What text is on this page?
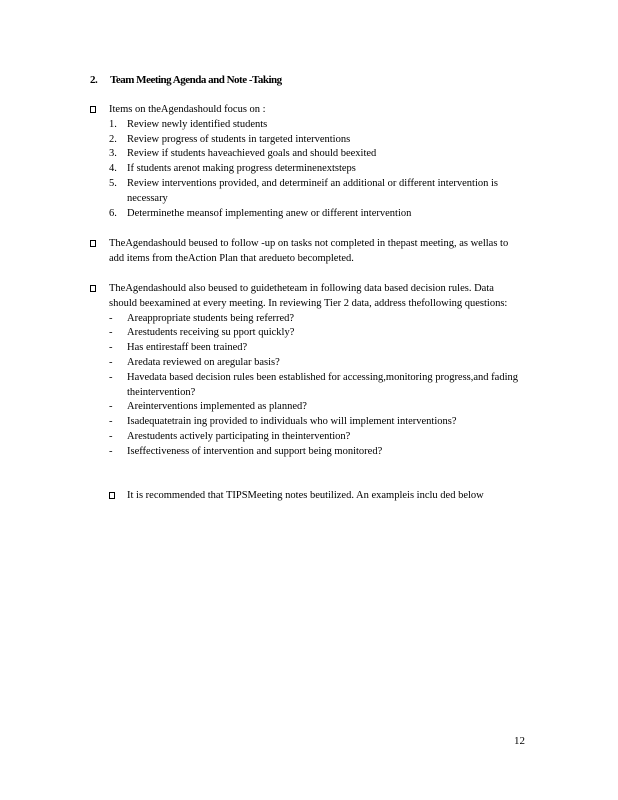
2. Team Meeting Agenda and Note -Taking
Items on theAgendashould focus on :
1. Review newly identified students
2. Review progress of students in targeted interventions
3. Review if students haveachieved goals and should beexited
4. If students arenot making progress determinenextsteps
5. Review interventions provided, and determineif an additional or different intervention is necessary
6. Determinethe meansof implementing anew or different intervention
TheAgendashould beused to follow -up on tasks not completed in thepast meeting, as wellas to add items from theAction Plan that aredueto becompleted.
TheAgendashould also beused to guidetheteam in following data based decision rules. Data should beexamined at every meeting. In reviewing Tier 2 data, address thefollowing questions:
- Areappropriate students being referred?
- Arestudents receiving su pport quickly?
- Has entirestaff been trained?
- Aredata reviewed on aregular basis?
- Havedata based decision rules been established for accessing,monitoring progress,and fading theintervention?
- Areinterventions implemented as planned?
- Isadequatetrain ing provided to individuals who will implement interventions?
- Arestudents actively participating in theintervention?
- Iseffectiveness of intervention and support being monitored?
It is recommended that TIPSMeeting notes beutilized. An exampleis inclu ded below
12
